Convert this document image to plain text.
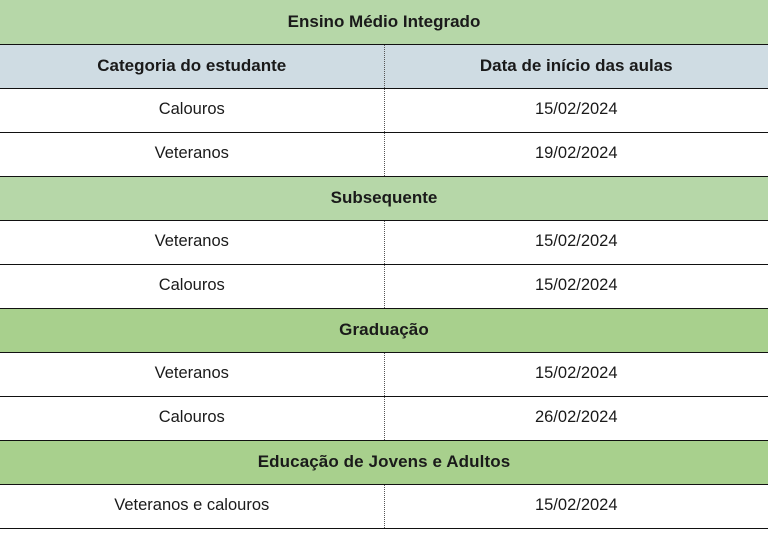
Ensino Médio Integrado	
Categoria do estudante	Data de início das aulas
Calouros	15/02/2024
Veteranos	19/02/2024
Subsequente	
Veteranos	15/02/2024
Calouros	15/02/2024
Graduação	
Veteranos	15/02/2024
Calouros	26/02/2024
Educação de Jovens e Adultos	
Veteranos e calouros	15/02/2024
